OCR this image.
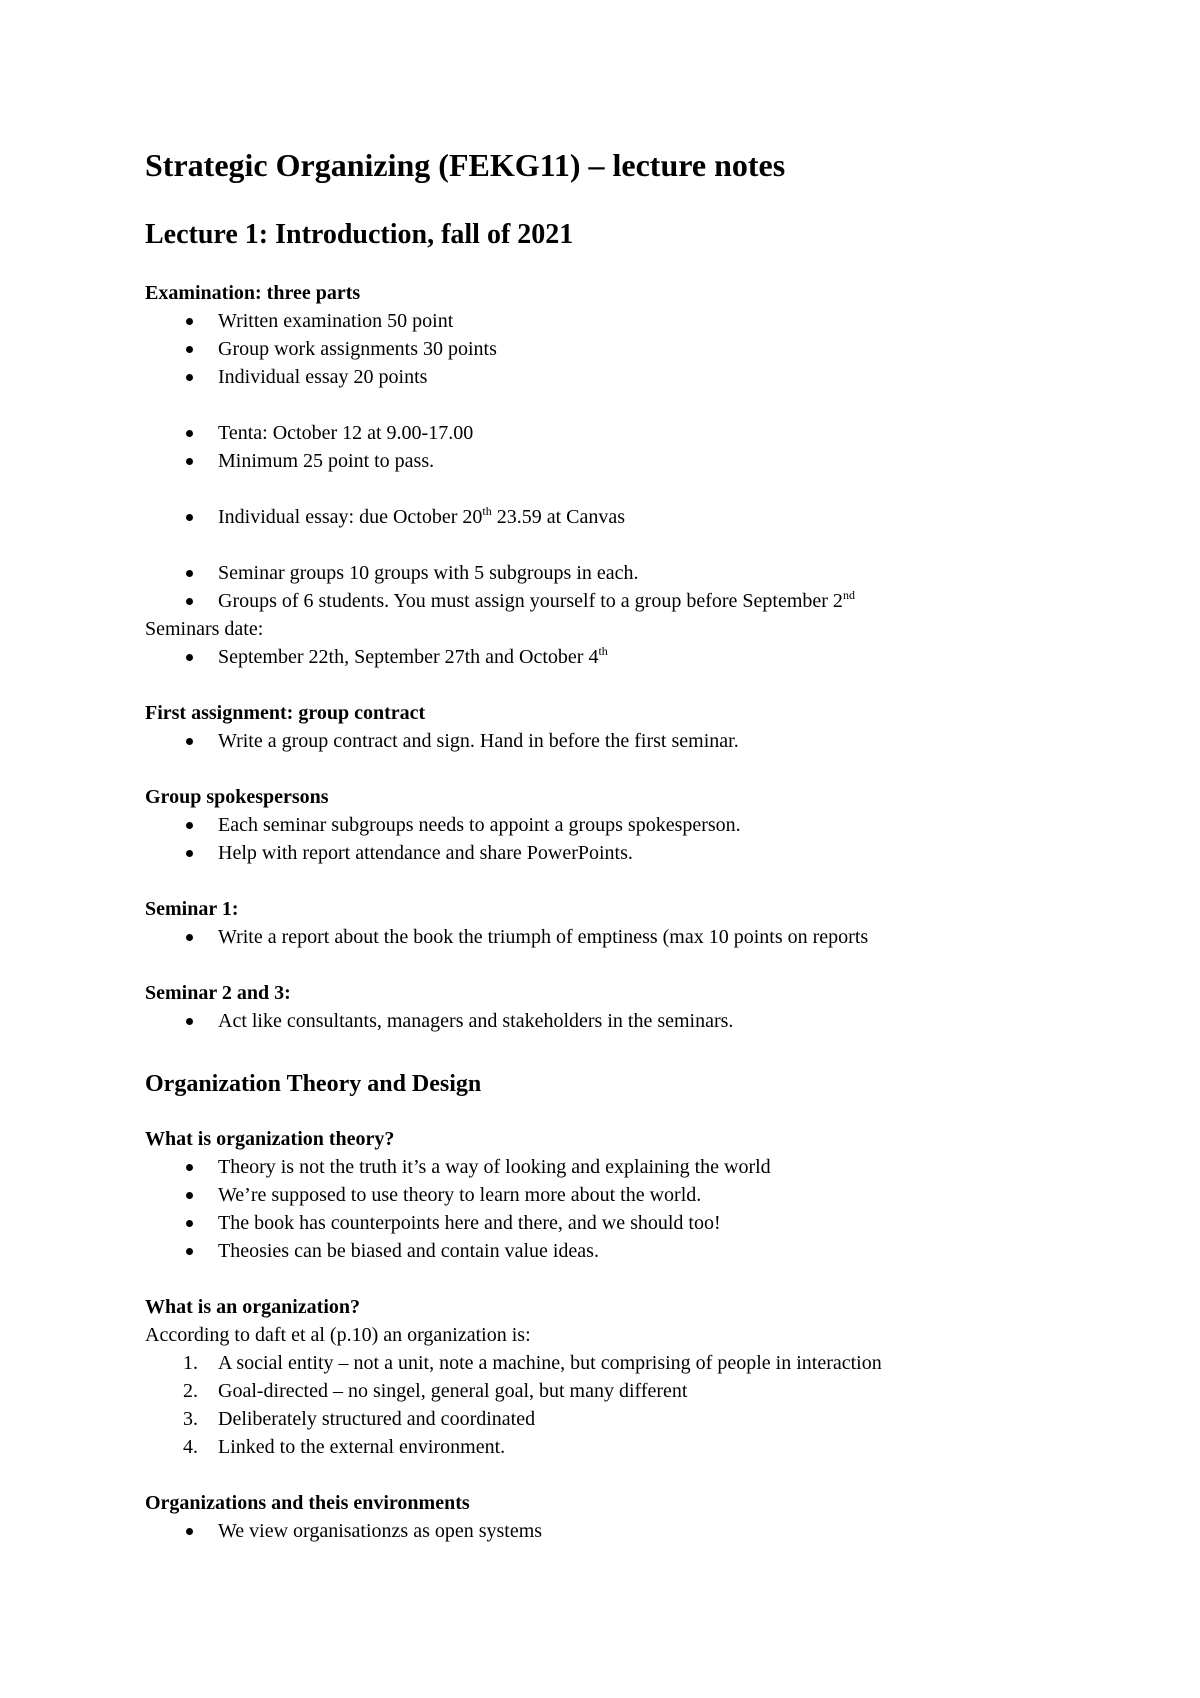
Strategic Organizing (FEKG11) – lecture notes
Lecture 1: Introduction, fall of 2021

Examination: three parts

Written examination 50 point
Group work assignments 30 points
Individual essay 20 points
Tenta: October 12 at 9.00-17.00
Minimum 25 point to pass.
Individual essay: due October 20th 23.59 at Canvas
Seminar groups 10 groups with 5 subgroups in each.
Groups of 6 students. You must assign yourself to a group before September 2nd

Seminars date:

September 22th, September 27th and October 4th

First assignment: group contract

Write a group contract and sign. Hand in before the first seminar.

Group spokespersons

Each seminar subgroups needs to appoint a groups spokesperson.
Help with report attendance and share PowerPoints.

Seminar 1:

Write a report about the book the triumph of emptiness (max 10 points on reports

Seminar 2 and 3:

Act like consultants, managers and stakeholders in the seminars.
Organization Theory and Design

What is organization theory?

Theory is not the truth it’s a way of looking and explaining the world
We’re supposed to use theory to learn more about the world.
The book has counterpoints here and there, and we should too!
Theosies can be biased and contain value ideas.

What is an organization?

According to daft et al (p.10) an organization is:

1. A social entity – not a unit, note a machine, but comprising of people in interaction
2. Goal-directed – no singel, general goal, but many different
3. Deliberately structured and coordinated
4. Linked to the external environment.

Organizations and theis environments

We view organisationzs as open systems
